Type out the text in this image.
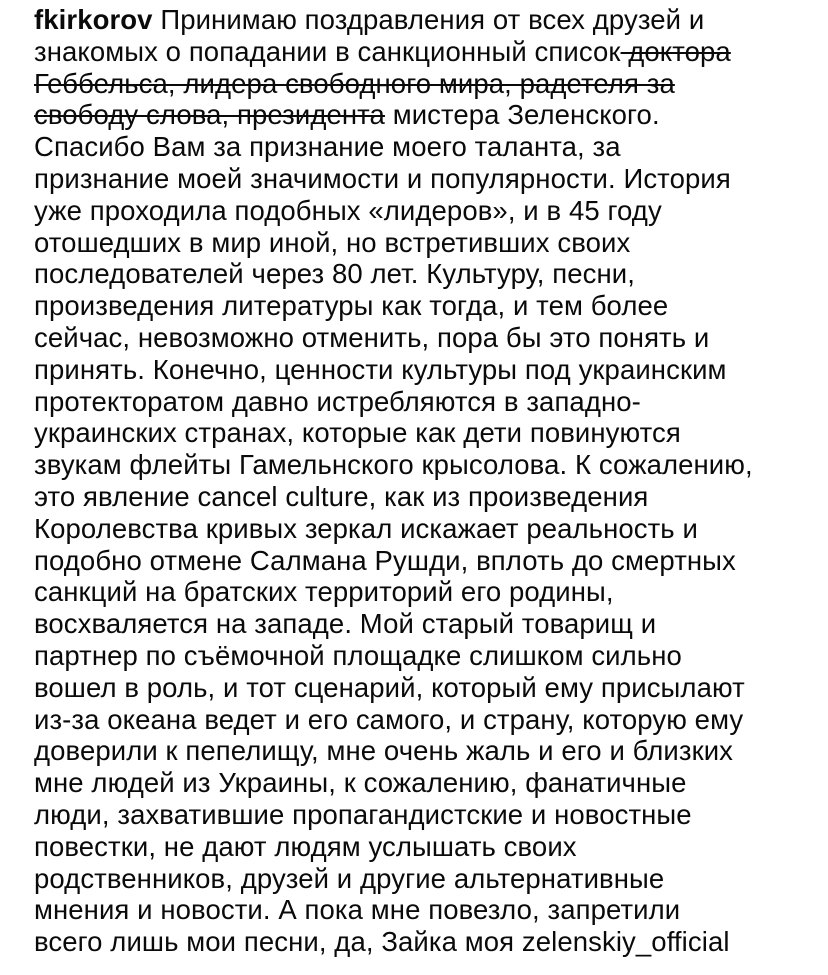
fkirkorov Принимаю поздравления от всех друзей и
знакомых о попадании в санкционный список доктора
Геббельса, лидера свободного мира, радетеля за
свободу слова, президента мистера Зеленского.
Спасибо Вам за признание моего таланта, за
признание моей значимости и популярности. История
уже проходила подобных «лидеров», и в 45 году
отошедших в мир иной, но встретивших своих
последователей через 80 лет. Культуру, песни,
произведения литературы как тогда, и тем более
сейчас, невозможно отменить, пора бы это понять и
принять. Конечно, ценности культуры под украинским
протекторатом давно истребляются в западно-
украинских странах, которые как дети повинуются
звукам флейты Гамельнского крысолова. К сожалению,
это явление cancel culture, как из произведения
Королевства кривых зеркал искажает реальность и
подобно отмене Салмана Рушди, вплоть до смертных
санкций на братских территорий его родины,
восхваляется на западе. Мой старый товарищ и
партнер по съёмочной площадке слишком сильно
вошел в роль, и тот сценарий, который ему присылают
из-за океана ведет и его самого, и страну, которую ему
доверили к пепелищу, мне очень жаль и его и близких
мне людей из Украины, к сожалению, фанатичные
люди, захватившие пропагандистские и новостные
повестки, не дают людям услышать своих
родственников, друзей и другие альтернативные
мнения и новости. А пока мне повезло, запретили
всего лишь мои песни, да, Зайка моя zelenskiy_official
